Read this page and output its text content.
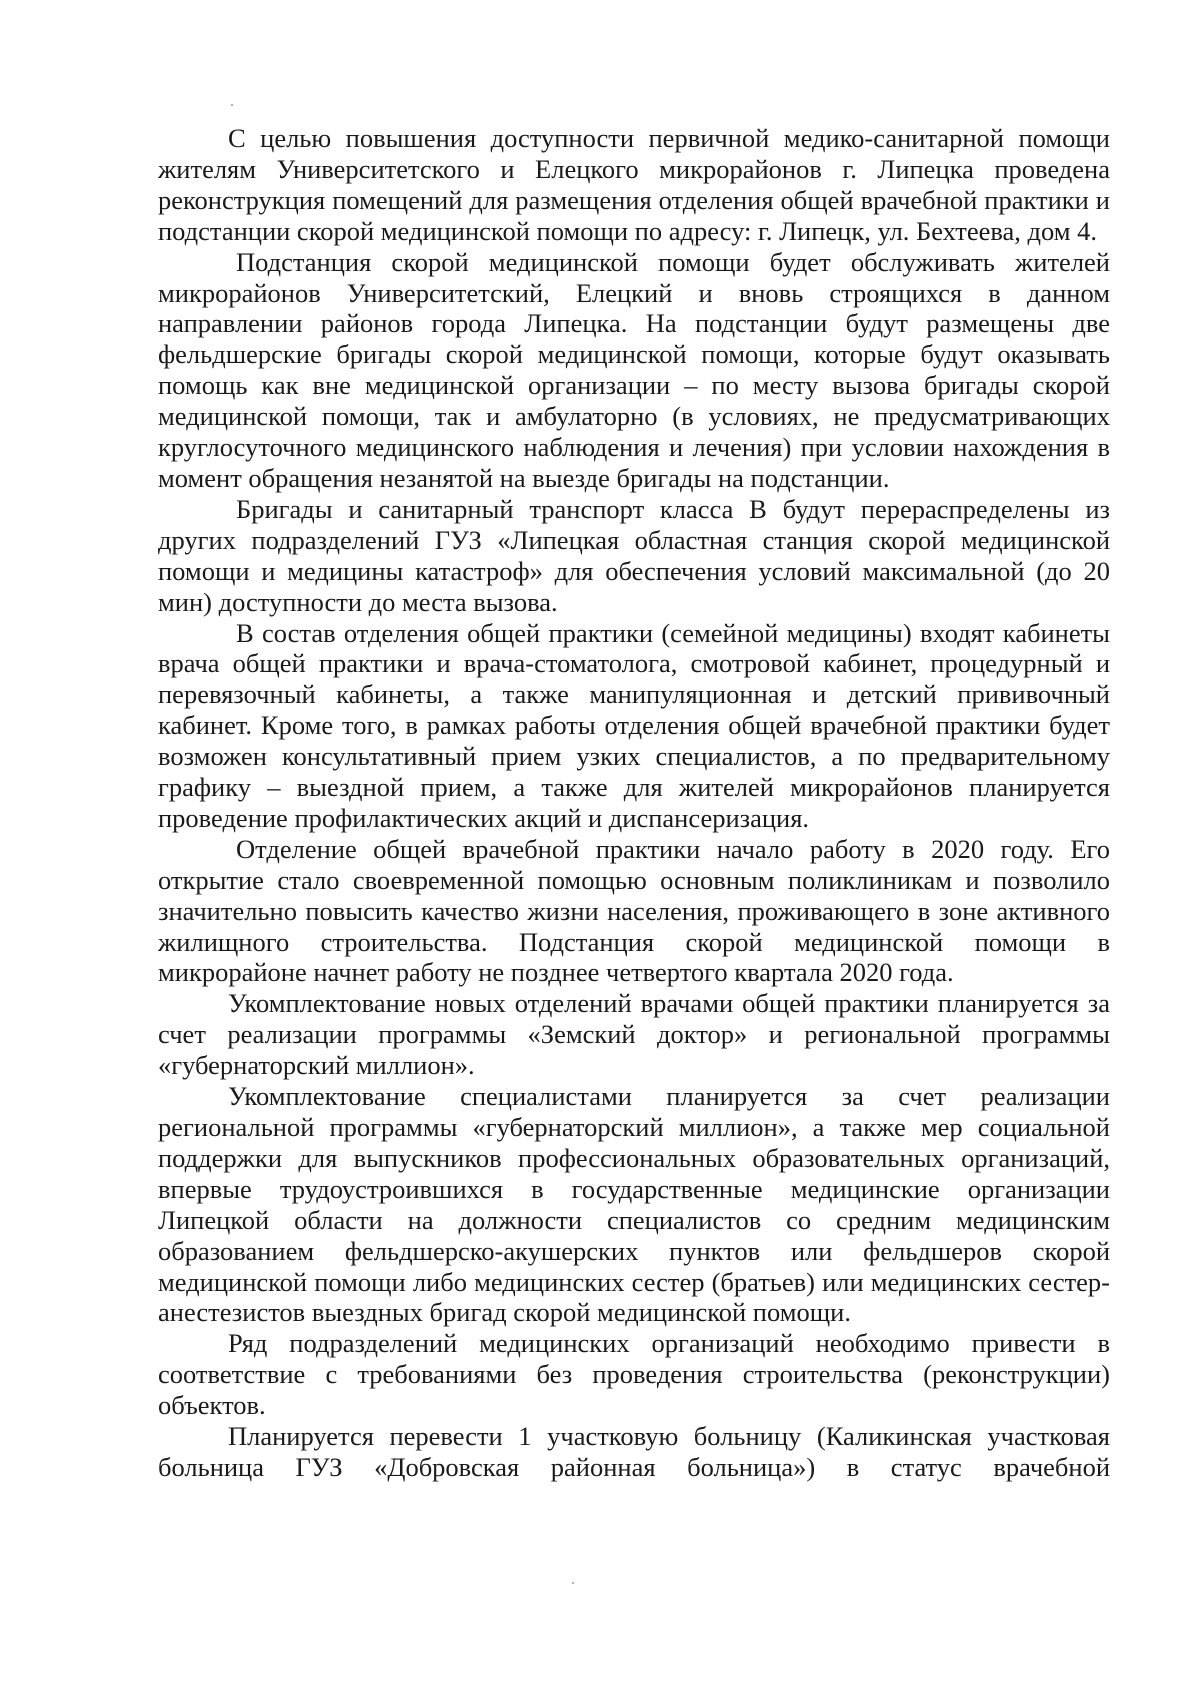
С целью повышения доступности первичной медико-санитарной помощи жителям Университетского и Елецкого микрорайонов г. Липецка проведена реконструкция помещений для размещения отделения общей врачебной практики и подстанции скорой медицинской помощи по адресу: г. Липецк, ул. Бехтеева, дом 4.

Подстанция скорой медицинской помощи будет обслуживать жителей микрорайонов Университетский, Елецкий и вновь строящихся в данном направлении районов города Липецка. На подстанции будут размещены две фельдшерские бригады скорой медицинской помощи, которые будут оказывать помощь как вне медицинской организации – по месту вызова бригады скорой медицинской помощи, так и амбулаторно (в условиях, не предусматривающих круглосуточного медицинского наблюдения и лечения) при условии нахождения в момент обращения незанятой на выезде бригады на подстанции.

Бригады и санитарный транспорт класса В будут перераспределены из других подразделений ГУЗ «Липецкая областная станция скорой медицинской помощи и медицины катастроф» для обеспечения условий максимальной (до 20 мин) доступности до места вызова.

В состав отделения общей практики (семейной медицины) входят кабинеты врача общей практики и врача-стоматолога, смотровой кабинет, процедурный и перевязочный кабинеты, а также манипуляционная и детский прививочный кабинет. Кроме того, в рамках работы отделения общей врачебной практики будет возможен консультативный прием узких специалистов, а по предварительному графику – выездной прием, а также для жителей микрорайонов планируется проведение профилактических акций и диспансеризация.

Отделение общей врачебной практики начало работу в 2020 году. Его открытие стало своевременной помощью основным поликлиникам и позволило значительно повысить качество жизни населения, проживающего в зоне активного жилищного строительства. Подстанция скорой медицинской помощи в микрорайоне начнет работу не позднее четвертого квартала 2020 года.

Укомплектование новых отделений врачами общей практики планируется за счет реализации программы «Земский доктор» и региональной программы «губернаторский миллион».

Укомплектование специалистами планируется за счет реализации региональной программы «губернаторский миллион», а также мер социальной поддержки для выпускников профессиональных образовательных организаций, впервые трудоустроившихся в государственные медицинские организации Липецкой области на должности специалистов со средним медицинским образованием фельдшерско-акушерских пунктов или фельдшеров скорой медицинской помощи либо медицинских сестер (братьев) или медицинских сестер-анестезистов выездных бригад скорой медицинской помощи.

Ряд подразделений медицинских организаций необходимо привести в соответствие с требованиями без проведения строительства (реконструкции) объектов.

Планируется перевести 1 участковую больницу (Каликинская участковая больница ГУЗ «Добровская районная больница») в статус врачебной
